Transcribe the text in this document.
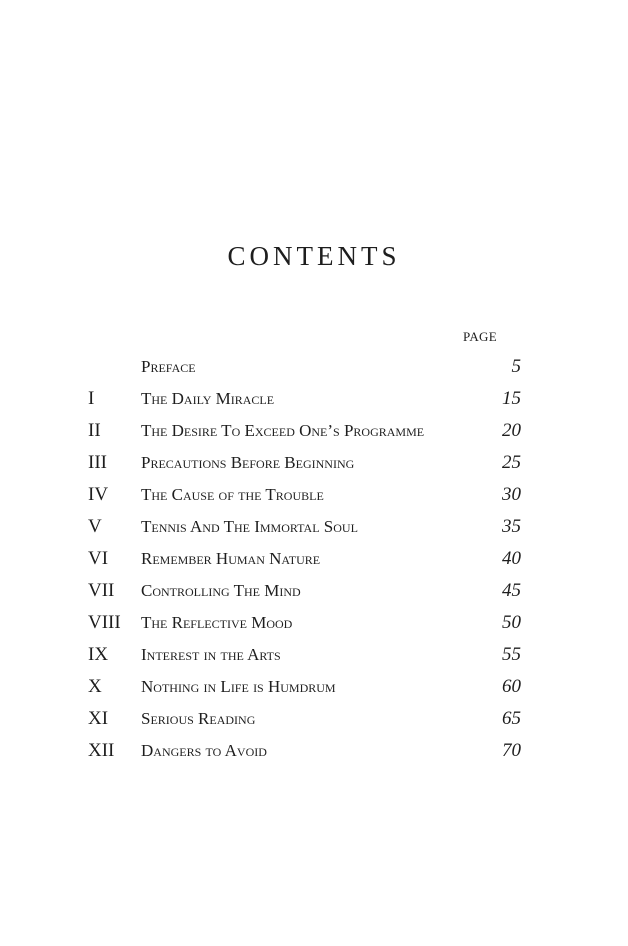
CONTENTS
PAGE
Preface	5
I	The Daily Miracle	15
II The Desire To Exceed One’s Programme	20
III Precautions Before Beginning	25
IV The Cause of the Trouble	30
V Tennis And The Immortal Soul	35
VI Remember Human Nature	40
VII Controlling The Mind	45
VIII The Reflective Mood	50
IX Interest in the Arts	55
X Nothing in Life is Humdrum	60
XI Serious Reading	65
XII Dangers to Avoid	70
